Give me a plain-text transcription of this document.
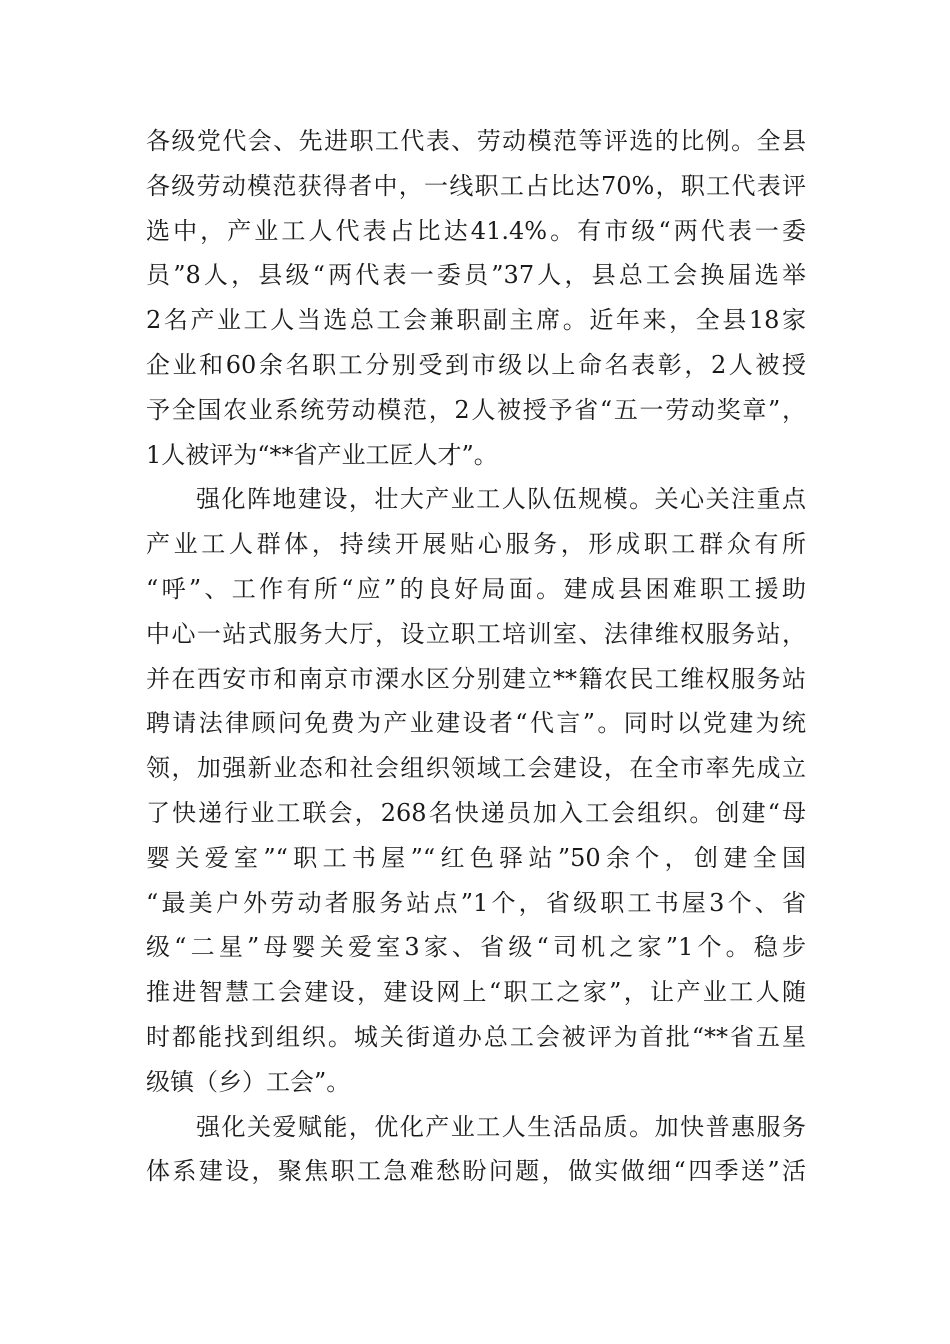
各级党代会、先进职工代表、劳动模范等评选的比例。全县
各级劳动模范获得者中，一线职工占比达70%，职工代表评
选中，产业工人代表占比达41.4%。有市级“两代表一委
员”8人，县级“两代表一委员”37人，县总工会换届选举
2名产业工人当选总工会兼职副主席。近年来，全县18家
企业和60余名职工分别受到市级以上命名表彰，2人被授
予全国农业系统劳动模范，2人被授予省“五一劳动奖章”，
1人被评为“**省产业工匠人才”。
强化阵地建设，壮大产业工人队伍规模。关心关注重点
产业工人群体，持续开展贴心服务，形成职工群众有所
“呼”、工作有所“应”的良好局面。建成县困难职工援助
中心一站式服务大厅，设立职工培训室、法律维权服务站，
并在西安市和南京市溧水区分别建立**籍农民工维权服务站
聘请法律顾问免费为产业建设者“代言”。同时以党建为统
领，加强新业态和社会组织领域工会建设，在全市率先成立
了快递行业工联会，268名快递员加入工会组织。创建“母
婴关爱室”“职工书屋”“红色驿站”50余个，创建全国
“最美户外劳动者服务站点”1个，省级职工书屋3个、省
级“二星”母婴关爱室3家、省级“司机之家”1个。稳步
推进智慧工会建设，建设网上“职工之家”，让产业工人随
时都能找到组织。城关街道办总工会被评为首批“**省五星
级镇（乡）工会”。
强化关爱赋能，优化产业工人生活品质。加快普惠服务
体系建设，聚焦职工急难愁盼问题，做实做细“四季送”活
